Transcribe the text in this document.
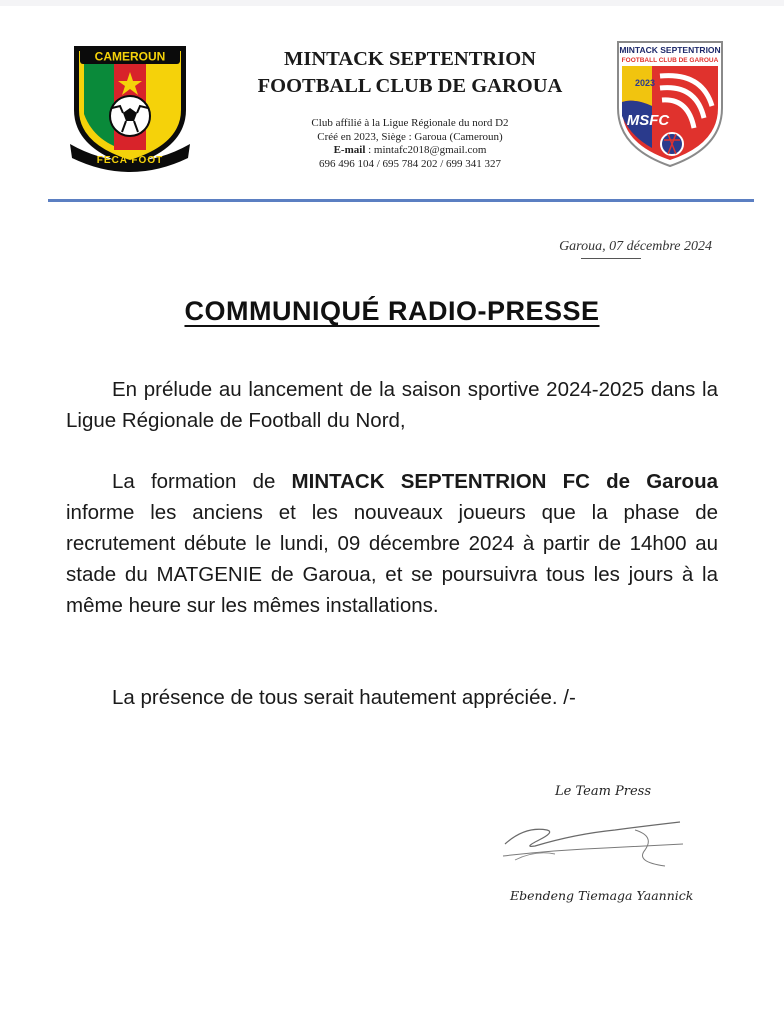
CAMEROUN
FECA FOOT
MINTACK SEPTENTRION
FOOTBALL CLUB DE GAROUA
Club affilié à la Ligue Régionale du nord D2
Créé en 2023, Siège : Garoua (Cameroun)
E-mail : mintafc2018@gmail.com
696 496 104 / 695 784 202 / 699 341 327
MINTACK SEPTENTRION
FOOTBALL CLUB DE GAROUA
2023
MSFC
Garoua, 07 décembre 2024
COMMUNIQUÉ RADIO-PRESSE
En prélude au lancement de la saison sportive 2024-2025 dans la Ligue Régionale de Football du Nord,
La formation de MINTACK SEPTENTRION FC de Garoua informe les anciens et les nouveaux joueurs que la phase de recrutement débute le lundi, 09 décembre 2024 à partir de 14h00 au stade du MATGENIE de Garoua, et se poursuivra tous les jours à la même heure sur les mêmes installations.
La présence de tous serait hautement appréciée. /-
Le Team Press
Ebendeng Tiemaga Yaannick
